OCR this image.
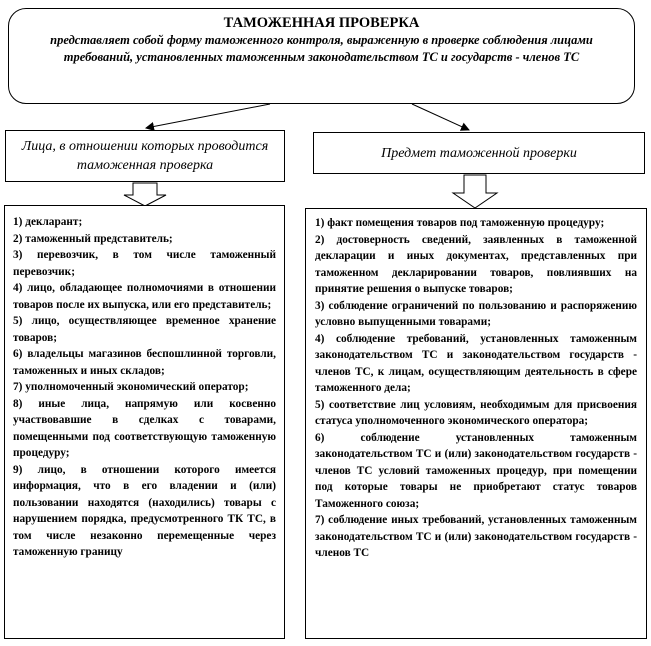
ТАМОЖЕННАЯ ПРОВЕРКА

представляет собой форму таможенного контроля, выраженную в проверке соблюдения лицами требований, установленных таможенным законодательством ТС и государств - членов ТС

Лица, в отношении которых проводится таможенная проверка
Предмет таможенной проверки
1) декларант;
2) таможенный представитель;
3) перевозчик, в том числе таможенный перевозчик;
4) лицо, обладающее полномочиями в отношении товаров после их выпуска, или его представитель;
5) лицо, осуществляющее временное хранение товаров;
6) владельцы магазинов беспошлинной торговли, таможенных и иных складов;
7) уполномоченный экономический оператор;
8) иные лица, напрямую или косвенно участвовавшие в сделках с товарами, помещенными под соответствующую таможенную процедуру;
9) лицо, в отношении которого имеется информация, что в его владении и (или) пользовании находятся (находились) товары с нарушением порядка, предусмотренного ТК ТС, в том числе незаконно перемещенные через таможенную границу
1) факт помещения товаров под таможенную процедуру;
2) достоверность сведений, заявленных в таможенной декларации и иных документах, представленных при таможенном декларировании товаров, повлиявших на принятие решения о выпуске товаров;
3) соблюдение ограничений по пользованию и распоряжению условно выпущенными товарами;
4) соблюдение требований, установленных таможенным законодательством ТС и законодательством государств - членов ТС, к лицам, осуществляющим деятельность в сфере таможенного дела;
5) соответствие лиц условиям, необходимым для присвоения статуса уполномоченного экономического оператора;
6) соблюдение установленных таможенным законодательством ТС и (или) законодательством государств - членов ТС условий таможенных процедур, при помещении под которые товары не приобретают статус товаров Таможенного союза;
7) соблюдение иных требований, установленных таможенным законодательством ТС и (или) законодательством государств - членов ТС
